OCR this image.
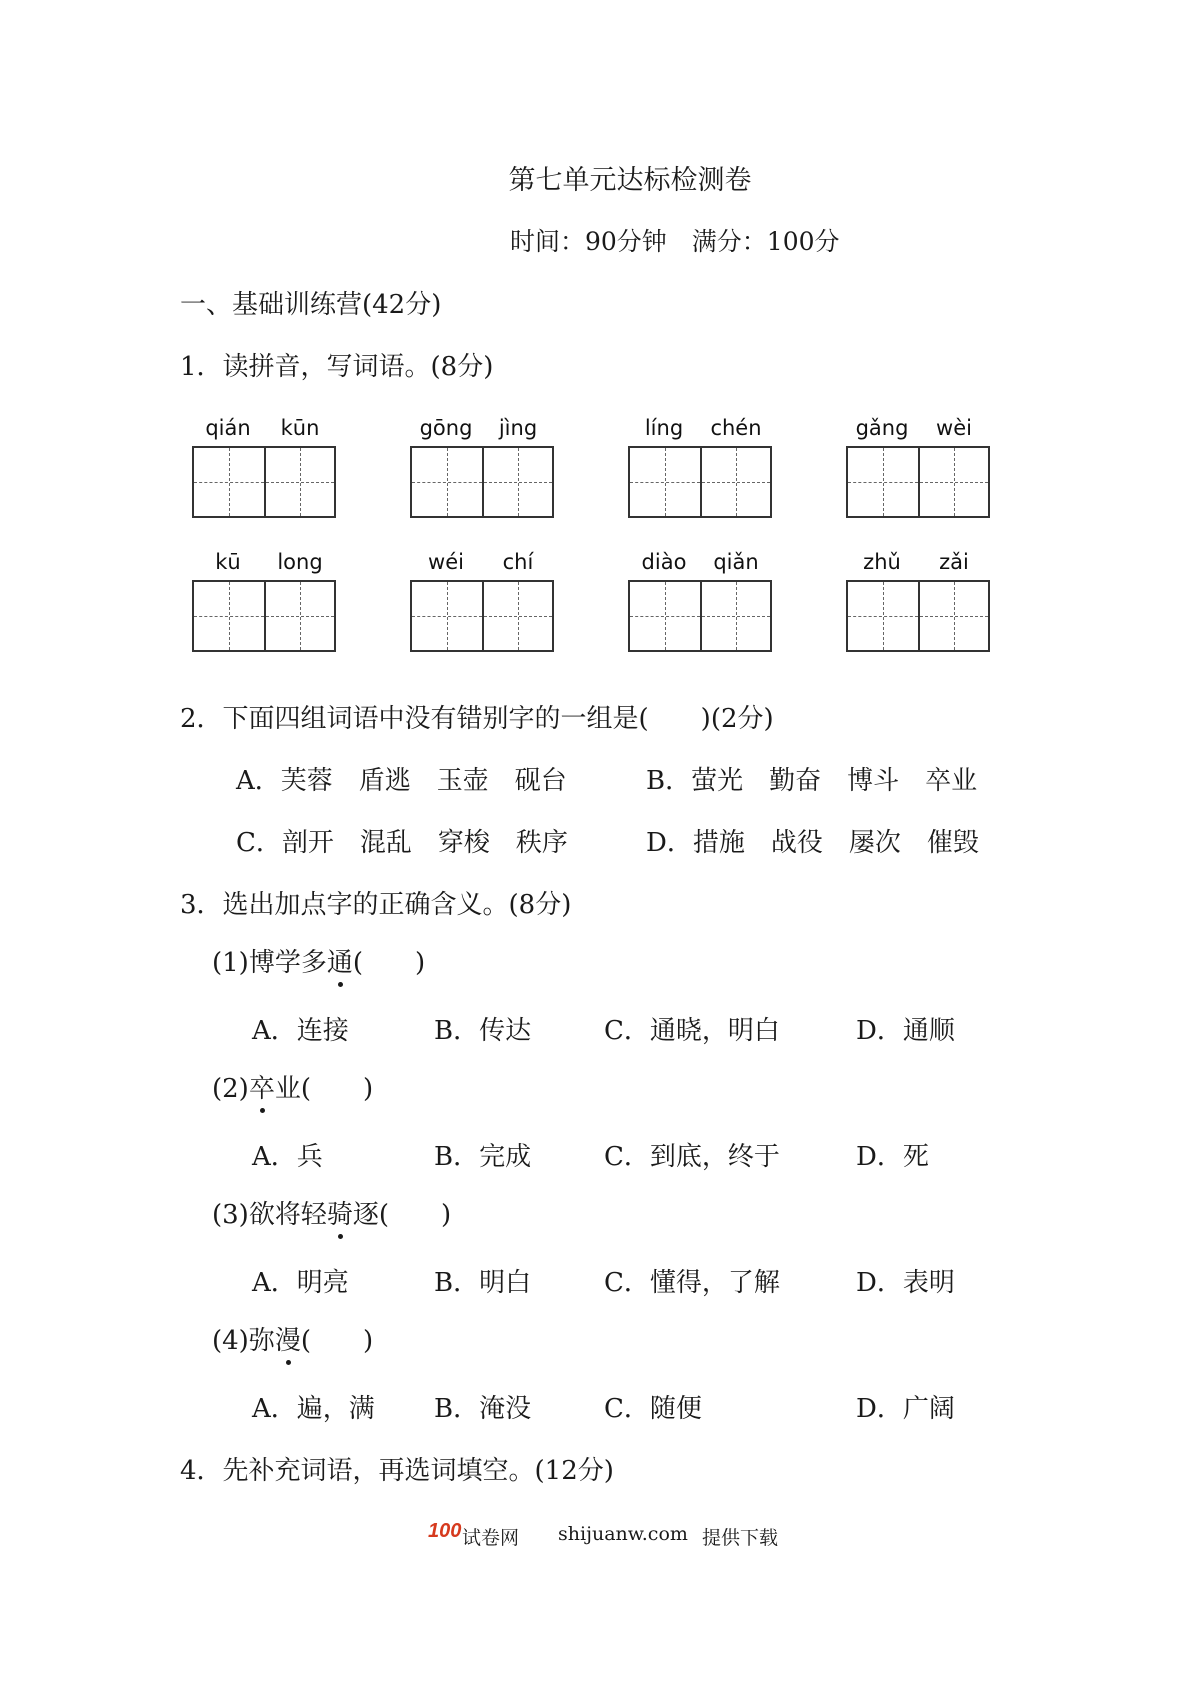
第七单元达标检测卷
时间：90分钟　满分：100分
一、基础训练营(42分)
1．读拼音，写词语。(8分)
qián	kūn	gōng	jìng	líng	chén	gǎng	wèi
kū	long	wéi	chí	diào	qiǎn	zhǔ	zǎi
2．下面四组词语中没有错别字的一组是(　　)(2分)
A．芙蓉　盾逃　玉壶　砚台	B．萤光　勤奋　博斗　卒业
C．剖开　混乱　穿梭　秩序	D．措施　战役　屡次　催毁
3．选出加点字的正确含义。(8分)
(1)博学多通(　　)
A．连接	B．传达	C．通晓，明白	D．通顺
(2)卒业(　　)
A．兵	B．完成	C．到底，终于	D．死
(3)欲将轻骑逐(　　)
A．明亮	B．明白	C．懂得，了解	D．表明
(4)弥漫(　　)
A．遍，满 B．淹没	C．随便	D．广阔
4．先补充词语，再选词填空。(12分)
100 试卷网 shijuanw.com 提供下载
